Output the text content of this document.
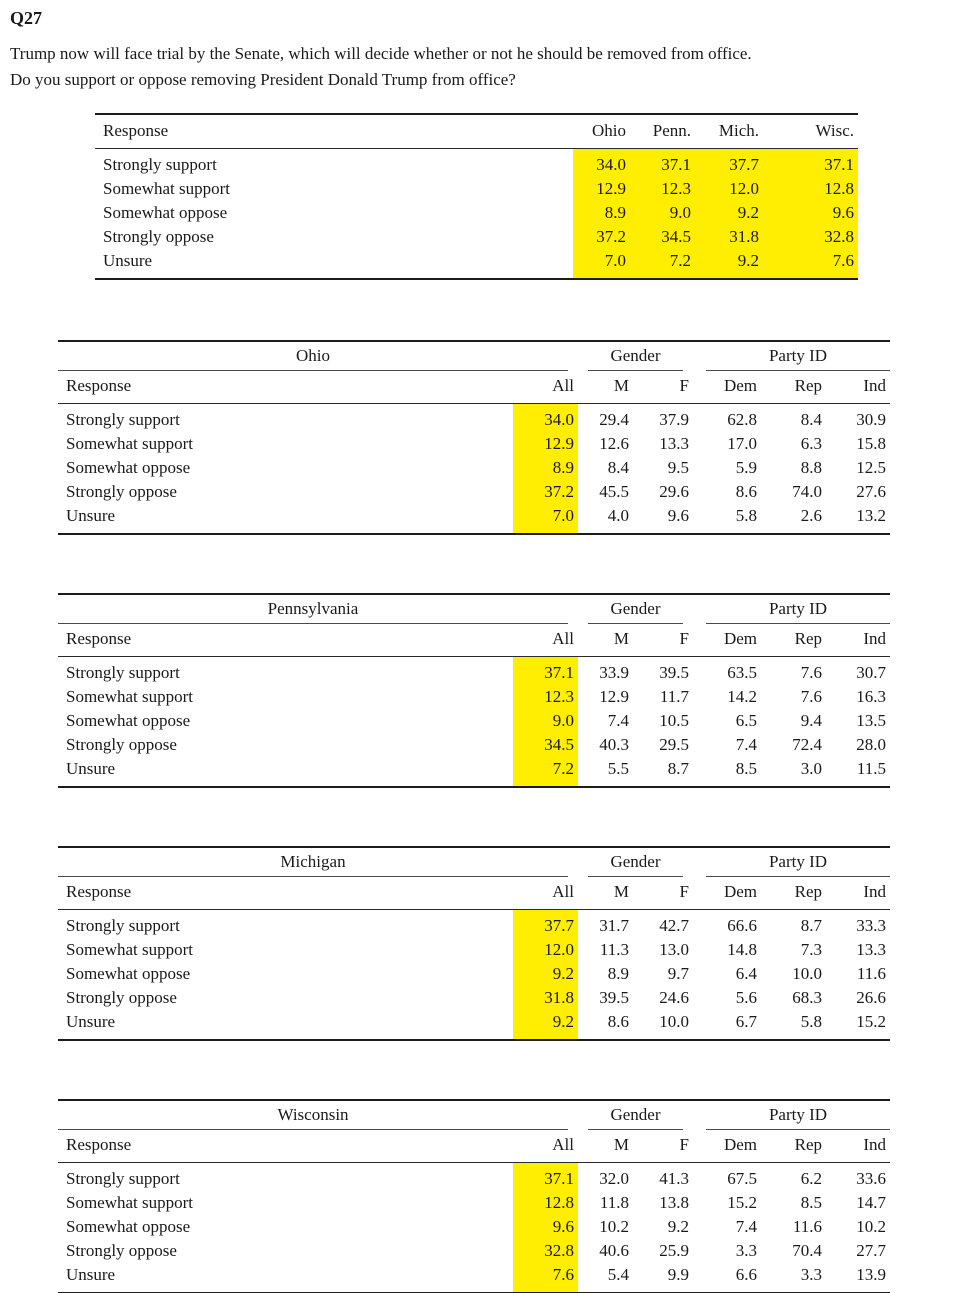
Q27

Trump now will face trial by the Senate, which will decide whether or not he should be removed from office.
Do you support or oppose removing President Donald Trump from office?

Response	Ohio	Penn.	Mich.	Wisc.
Strongly support	34.0	37.1	37.7	37.1
Somewhat support	12.9	12.3	12.0	12.8
Somewhat oppose	8.9	9.0	9.2	9.6
Strongly oppose	37.2	34.5	31.8	32.8
Unsure	7.0	7.2	9.2	7.6
Ohio		Gender		Party ID		

Response	All	M	F	Dem	Rep	Ind
Strongly support	34.0	29.4	37.9	62.8	8.4	30.9
Somewhat support	12.9	12.6	13.3	17.0	6.3	15.8
Somewhat oppose	8.9	8.4	9.5	5.9	8.8	12.5
Strongly oppose	37.2	45.5	29.6	8.6	74.0	27.6
Unsure	7.0	4.0	9.6	5.8	2.6	13.2
Pennsylvania		Gender		Party ID		

Response	All	M	F	Dem	Rep	Ind
Strongly support	37.1	33.9	39.5	63.5	7.6	30.7
Somewhat support	12.3	12.9	11.7	14.2	7.6	16.3
Somewhat oppose	9.0	7.4	10.5	6.5	9.4	13.5
Strongly oppose	34.5	40.3	29.5	7.4	72.4	28.0
Unsure	7.2	5.5	8.7	8.5	3.0	11.5
Michigan		Gender		Party ID		

Response	All	M	F	Dem	Rep	Ind
Strongly support	37.7	31.7	42.7	66.6	8.7	33.3
Somewhat support	12.0	11.3	13.0	14.8	7.3	13.3
Somewhat oppose	9.2	8.9	9.7	6.4	10.0	11.6
Strongly oppose	31.8	39.5	24.6	5.6	68.3	26.6
Unsure	9.2	8.6	10.0	6.7	5.8	15.2
Wisconsin		Gender		Party ID		

Response	All	M	F	Dem	Rep	Ind
Strongly support	37.1	32.0	41.3	67.5	6.2	33.6
Somewhat support	12.8	11.8	13.8	15.2	8.5	14.7
Somewhat oppose	9.6	10.2	9.2	7.4	11.6	10.2
Strongly oppose	32.8	40.6	25.9	3.3	70.4	27.7
Unsure	7.6	5.4	9.9	6.6	3.3	13.9
